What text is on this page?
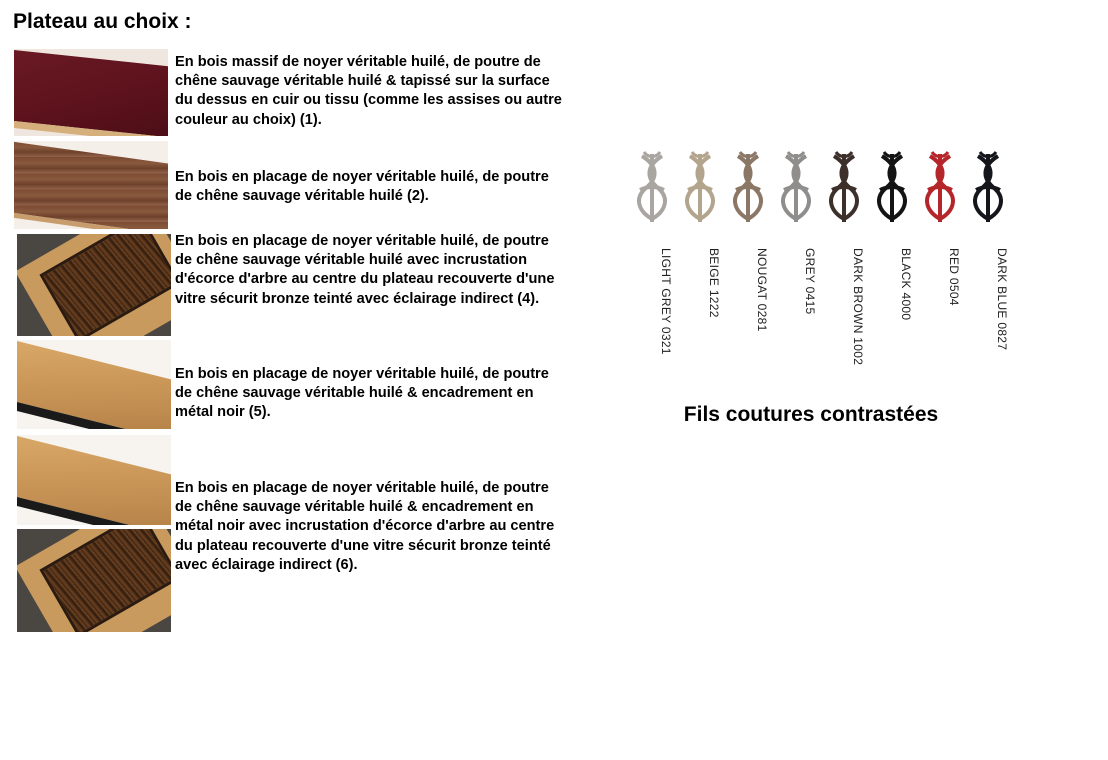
Plateau au choix :
En bois massif de noyer véritable huilé, de poutre de chêne sauvage véritable huilé & tapissé sur la surface du dessus en cuir ou tissu (comme les assises ou autre couleur au choix) (1).
En bois en placage de noyer véritable huilé, de poutre de chêne sauvage véritable huilé (2).
En bois en placage de noyer véritable huilé, de poutre de chêne sauvage véritable huilé avec incrustation d'écorce d'arbre au centre du plateau recouverte d'une vitre sécurit bronze teinté avec éclairage indirect (4).
En bois en placage de noyer véritable huilé, de poutre de chêne sauvage véritable huilé & encadrement en métal noir (5).
En bois en placage de noyer véritable huilé, de poutre de chêne sauvage véritable huilé & encadrement en métal noir avec incrustation d'écorce d'arbre au centre du plateau recouverte d'une vitre sécurit bronze teinté avec éclairage indirect (6).
LIGHT GREY 0321	BEIGE 1222	NOUGAT 0281	GREY 0415	DARK BROWN 1002	BLACK 4000	RED 0504	DARK BLUE 0827
Fils coutures contrastées
